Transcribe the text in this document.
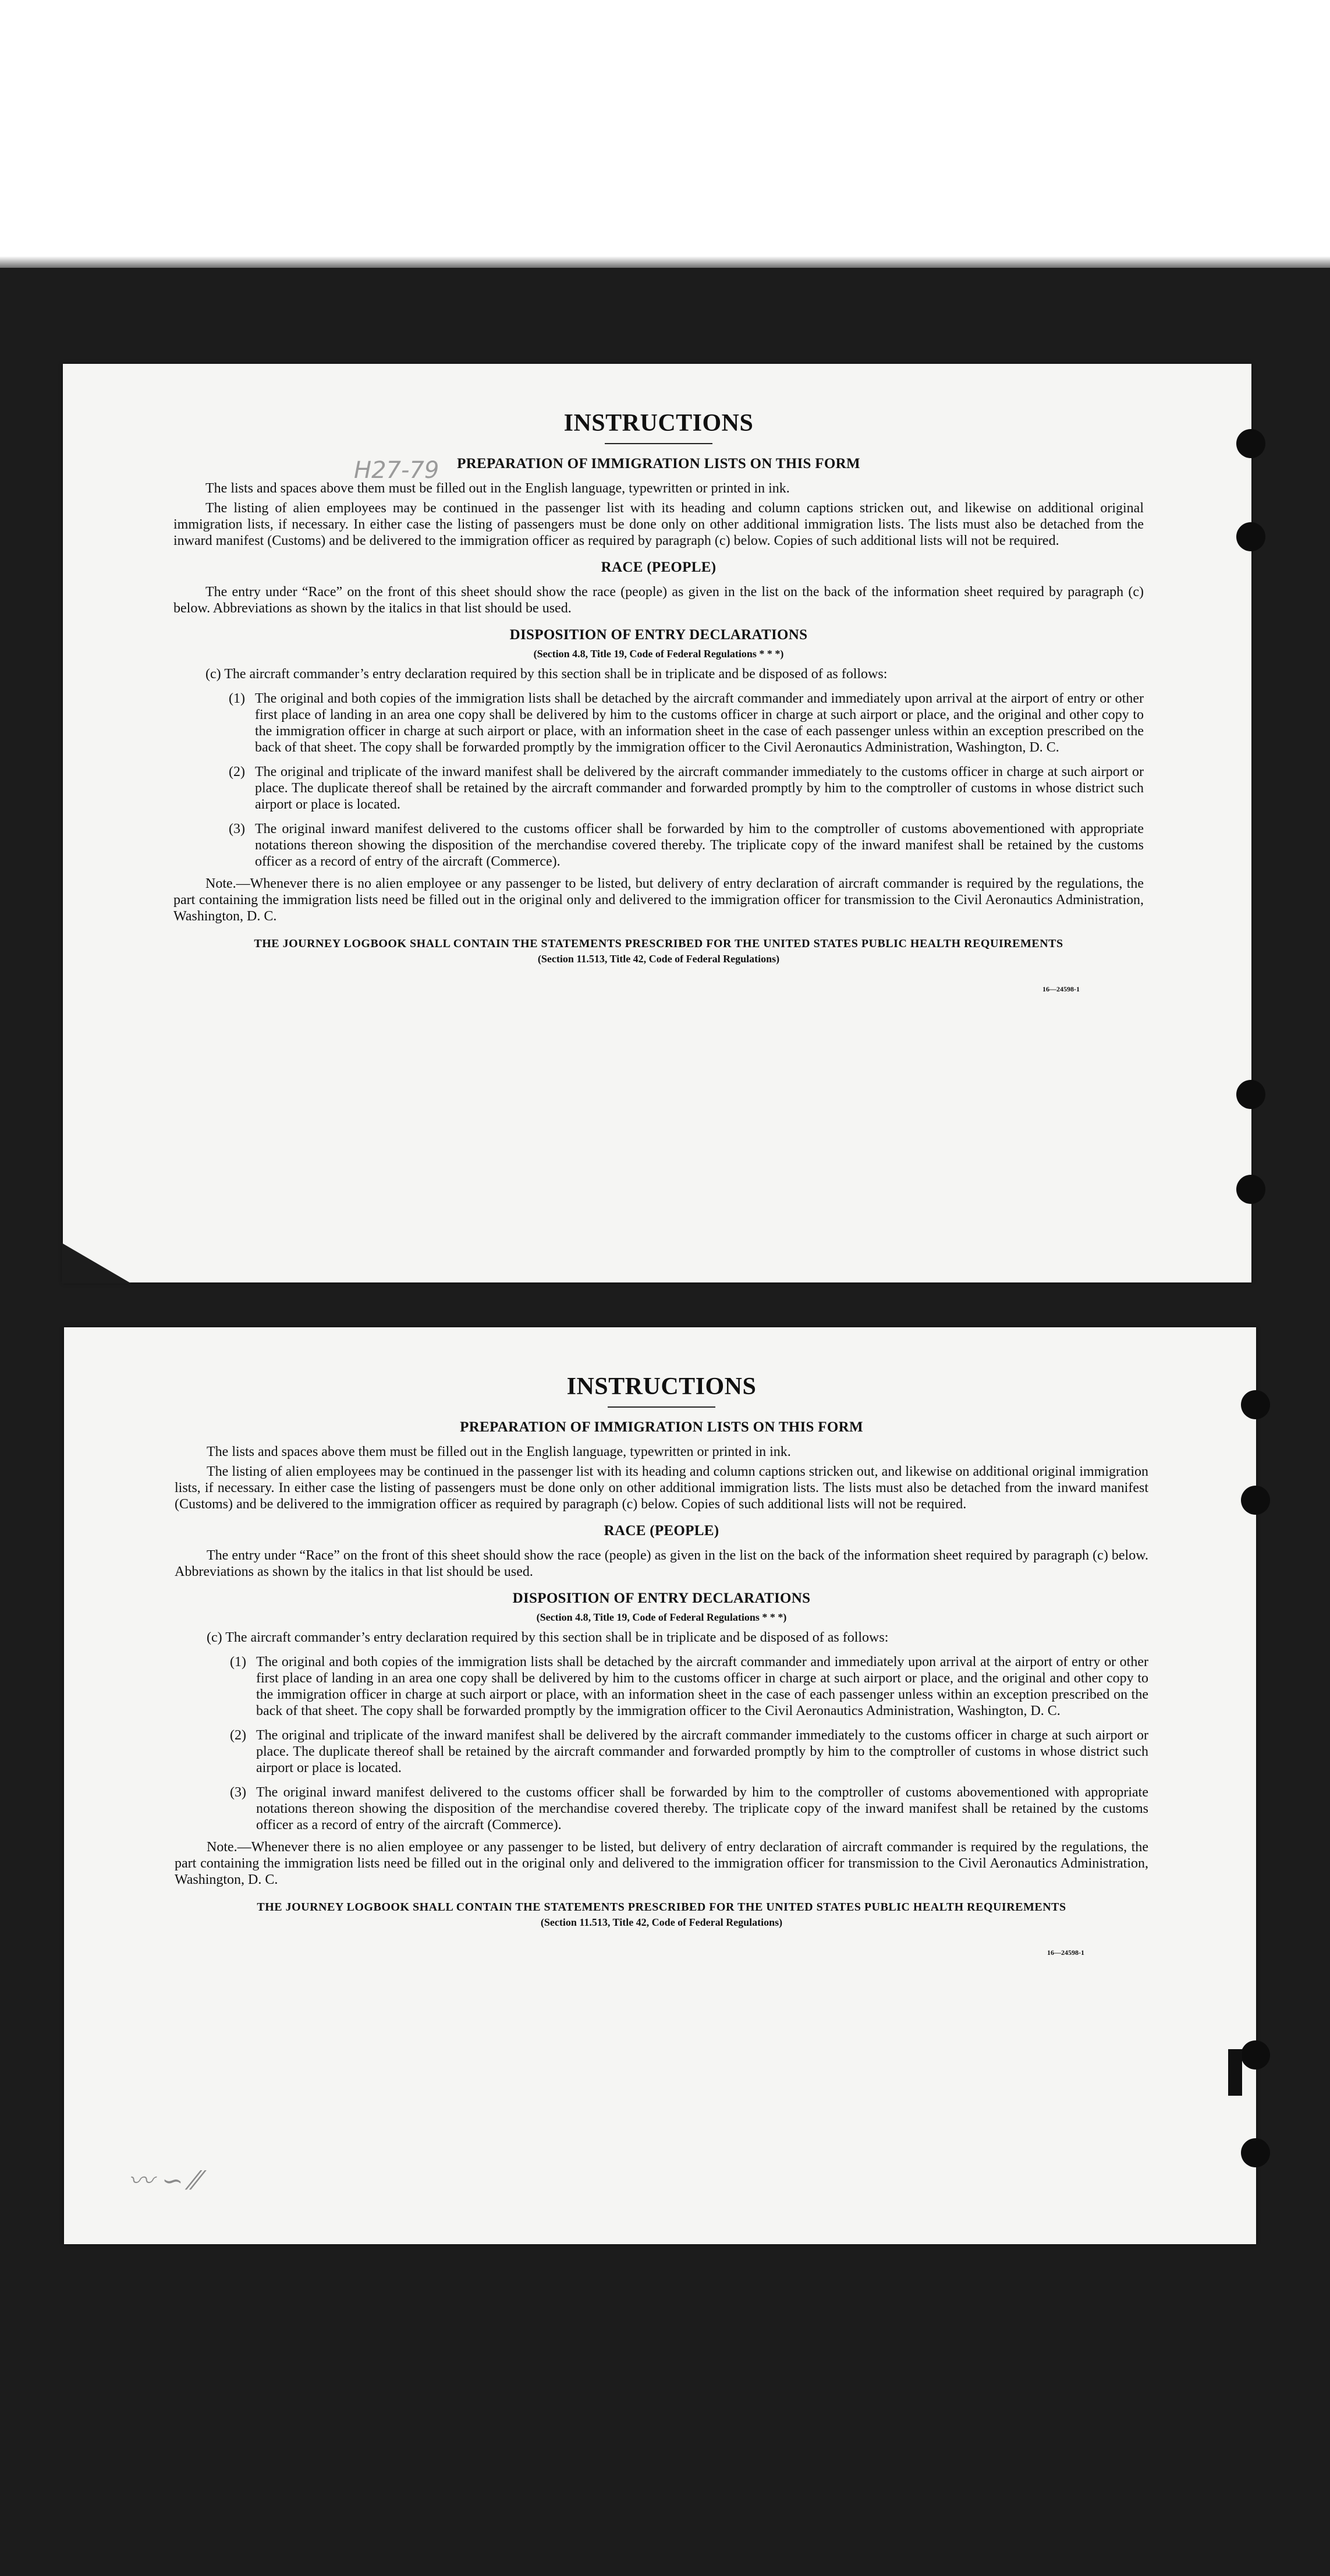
H27-79
INSTRUCTIONS
PREPARATION OF IMMIGRATION LISTS ON THIS FORM

The lists and spaces above them must be filled out in the English language, typewritten or printed in ink.

The listing of alien employees may be continued in the passenger list with its heading and column captions stricken out, and likewise on additional original immigration lists, if necessary. In either case the listing of passengers must be done only on other additional immigration lists. The lists must also be detached from the inward manifest (Customs) and be delivered to the immigration officer as required by paragraph (c) below. Copies of such additional lists will not be required.

RACE (PEOPLE)

The entry under “Race” on the front of this sheet should show the race (people) as given in the list on the back of the information sheet required by paragraph (c) below. Abbreviations as shown by the italics in that list should be used.

DISPOSITION OF ENTRY DECLARATIONS
(Section 4.8, Title 19, Code of Federal Regulations * * *)

(c) The aircraft commander’s entry declaration required by this section shall be in triplicate and be disposed of as follows:

(1) The original and both copies of the immigration lists shall be detached by the aircraft commander and immediately upon arrival at the airport of entry or other first place of landing in an area one copy shall be delivered by him to the customs officer in charge at such airport or place, and the original and other copy to the immigration officer in charge at such airport or place, with an information sheet in the case of each passenger unless within an exception prescribed on the back of that sheet. The copy shall be forwarded promptly by the immigration officer to the Civil Aeronautics Administration, Washington, D. C.
(2) The original and triplicate of the inward manifest shall be delivered by the aircraft commander immediately to the customs officer in charge at such airport or place. The duplicate thereof shall be retained by the aircraft commander and forwarded promptly by him to the comptroller of customs in whose district such airport or place is located.
(3) The original inward manifest delivered to the customs officer shall be forwarded by him to the comptroller of customs abovementioned with appropriate notations thereon showing the disposition of the merchandise covered thereby. The triplicate copy of the inward manifest shall be retained by the customs officer as a record of entry of the aircraft (Commerce).

Note.—Whenever there is no alien employee or any passenger to be listed, but delivery of entry declaration of aircraft commander is required by the regulations, the part containing the immigration lists need be filled out in the original only and delivered to the immigration officer for transmission to the Civil Aeronautics Administration, Washington, D. C.

THE JOURNEY LOGBOOK SHALL CONTAIN THE STATEMENTS PRESCRIBED FOR THE UNITED STATES PUBLIC HEALTH REQUIREMENTS
(Section 11.513, Title 42, Code of Federal Regulations)
16—24598-1
〰 ∽ ⁄⁄
INSTRUCTIONS
PREPARATION OF IMMIGRATION LISTS ON THIS FORM

The lists and spaces above them must be filled out in the English language, typewritten or printed in ink.

The listing of alien employees may be continued in the passenger list with its heading and column captions stricken out, and likewise on additional original immigration lists, if necessary. In either case the listing of passengers must be done only on other additional immigration lists. The lists must also be detached from the inward manifest (Customs) and be delivered to the immigration officer as required by paragraph (c) below. Copies of such additional lists will not be required.

RACE (PEOPLE)

The entry under “Race” on the front of this sheet should show the race (people) as given in the list on the back of the information sheet required by paragraph (c) below. Abbreviations as shown by the italics in that list should be used.

DISPOSITION OF ENTRY DECLARATIONS
(Section 4.8, Title 19, Code of Federal Regulations * * *)

(c) The aircraft commander’s entry declaration required by this section shall be in triplicate and be disposed of as follows:

(1) The original and both copies of the immigration lists shall be detached by the aircraft commander and immediately upon arrival at the airport of entry or other first place of landing in an area one copy shall be delivered by him to the customs officer in charge at such airport or place, and the original and other copy to the immigration officer in charge at such airport or place, with an information sheet in the case of each passenger unless within an exception prescribed on the back of that sheet. The copy shall be forwarded promptly by the immigration officer to the Civil Aeronautics Administration, Washington, D. C.
(2) The original and triplicate of the inward manifest shall be delivered by the aircraft commander immediately to the customs officer in charge at such airport or place. The duplicate thereof shall be retained by the aircraft commander and forwarded promptly by him to the comptroller of customs in whose district such airport or place is located.
(3) The original inward manifest delivered to the customs officer shall be forwarded by him to the comptroller of customs abovementioned with appropriate notations thereon showing the disposition of the merchandise covered thereby. The triplicate copy of the inward manifest shall be retained by the customs officer as a record of entry of the aircraft (Commerce).

Note.—Whenever there is no alien employee or any passenger to be listed, but delivery of entry declaration of aircraft commander is required by the regulations, the part containing the immigration lists need be filled out in the original only and delivered to the immigration officer for transmission to the Civil Aeronautics Administration, Washington, D. C.

THE JOURNEY LOGBOOK SHALL CONTAIN THE STATEMENTS PRESCRIBED FOR THE UNITED STATES PUBLIC HEALTH REQUIREMENTS
(Section 11.513, Title 42, Code of Federal Regulations)
16—24598-1
